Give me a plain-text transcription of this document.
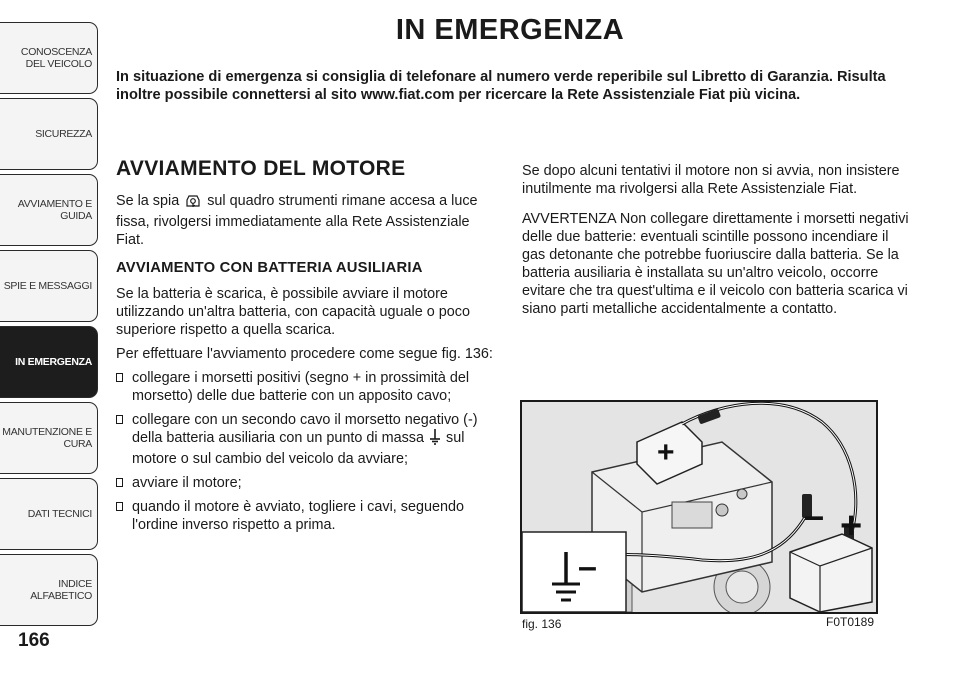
CONOSCENZA DEL VEICOLO
SICUREZZA
AVVIAMENTO E GUIDA
SPIE E MESSAGGI
IN EMERGENZA
MANUTENZIONE E CURA
DATI TECNICI
INDICE ALFABETICO
166
IN EMERGENZA

In situazione di emergenza si consiglia di telefonare al numero verde reperibile sul Libretto di Garanzia. Risulta inoltre possibile connettersi al sito www.fiat.com per ricercare la Rete Assistenziale Fiat più vicina.

AVVIAMENTO DEL MOTORE

Se la spia sul quadro strumenti rimane accesa a luce fissa, rivolgersi immediatamente alla Rete Assistenziale Fiat.

AVVIAMENTO CON BATTERIA AUSILIARIA

Se la batteria è scarica, è possibile avviare il motore utilizzando un'altra batteria, con capacità uguale o poco superiore rispetto a quella scarica.

Per effettuare l'avviamento procedere come segue fig. 136:

collegare i morsetti positivi (segno + in prossimità del morsetto) delle due batterie con un apposito cavo;
collegare con un secondo cavo il morsetto negativo (-) della batteria ausiliaria con un punto di massa sul motore o sul cambio del veicolo da avviare;
avviare il motore;
quando il motore è avviato, togliere i cavi, seguendo l'ordine inverso rispetto a prima.

Se dopo alcuni tentativi il motore non si avvia, non insistere inutilmente ma rivolgersi alla Rete Assistenziale Fiat.

AVVERTENZA Non collegare direttamente i morsetti negativi delle due batterie: eventuali scintille possono incendiare il gas detonante che potrebbe fuoriuscire dalla batteria. Se la batteria ausiliaria è installata su un'altro veicolo, occorre evitare che tra quest'ultima e il veicolo con batteria scarica vi siano parti metalliche accidentalmente a contatto.

+
– +
–
fig. 136	F0T0189
